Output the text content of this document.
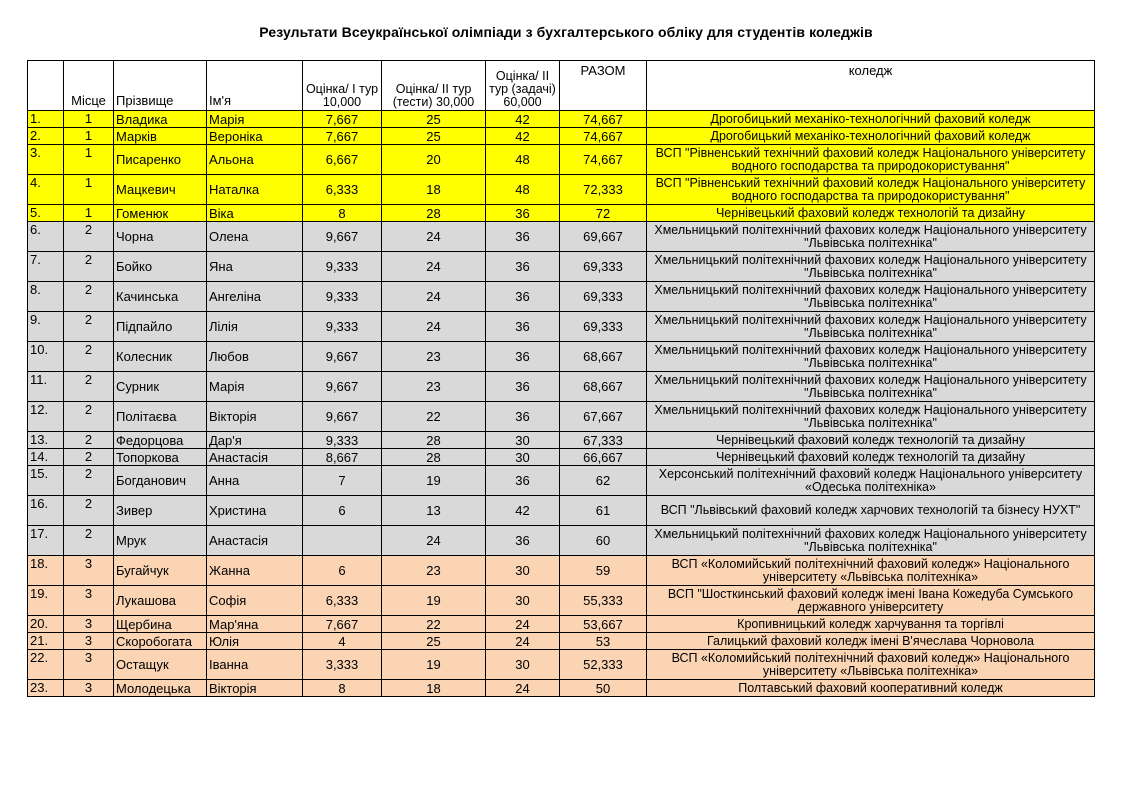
Результати Всеукраїнської олімпіади з бухгалтерського обліку для студентів коледжів
	Місце	Прізвище	Ім'я	Оцінка/ І тур 10,000	Оцінка/ ІІ тур (тести) 30,000	Оцінка/ ІІ тур (задачі) 60,000	РАЗОМ	коледж
1.	1	Владика	Марія	7,667	25	42	74,667	Дрогобицький механіко-технологічний фаховий коледж
2.	1	Марків	Вероніка	7,667	25	42	74,667	Дрогобицький механіко-технологічний фаховий коледж
3.	1	Писаренко	Альона	6,667	20	48	74,667	ВСП "Рівненський технічний фаховий коледж Національного університету водного господарства та природокористування"
4.	1	Мацкевич	Наталка	6,333	18	48	72,333	ВСП "Рівненський технічний фаховий коледж Національного університету водного господарства та природокористування"
5.	1	Гоменюк	Віка	8	28	36	72	Чернівецький фаховий коледж технологій та дизайну
6.	2	Чорна	Олена	9,667	24	36	69,667	Хмельницький політехнічний фахових коледж Національного університету "Львівська політехніка"
7.	2	Бойко	Яна	9,333	24	36	69,333	Хмельницький політехнічний фахових коледж Національного університету "Львівська політехніка"
8.	2	Качинська	Ангеліна	9,333	24	36	69,333	Хмельницький політехнічний фахових коледж Національного університету "Львівська політехніка"
9.	2	Підпайло	Лілія	9,333	24	36	69,333	Хмельницький політехнічний фахових коледж Національного університету "Львівська політехніка"
10.	2	Колесник	Любов	9,667	23	36	68,667	Хмельницький політехнічний фахових коледж Національного університету "Львівська політехніка"
11.	2	Сурник	Марія	9,667	23	36	68,667	Хмельницький політехнічний фахових коледж Національного університету "Львівська політехніка"
12.	2	Політаєва	Вікторія	9,667	22	36	67,667	Хмельницький політехнічний фахових коледж Національного університету "Львівська політехніка"
13.	2	Федорцова	Дар'я	9,333	28	30	67,333	Чернівецький фаховий коледж технологій та дизайну
14.	2	Топоркова	Анастасія	8,667	28	30	66,667	Чернівецький фаховий коледж технологій та дизайну
15.	2	Богданович	Анна	7	19	36	62	Херсонський політехнічний фаховий коледж Національного університету «Одеська політехніка»
16.	2	Зивер	Христина	6	13	42	61	ВСП "Львівський фаховий коледж харчових технологій та бізнесу НУХТ"
17.	2	Мрук	Анастасія		24	36	60	Хмельницький політехнічний фахових коледж Національного університету "Львівська політехніка"
18.	3	Бугайчук	Жанна	6	23	30	59	ВСП «Коломийський політехнічний фаховий коледж» Національного університету «Львівська політехніка»
19.	3	Лукашова	Софія	6,333	19	30	55,333	ВСП "Шосткинський фаховий коледж імені Івана Кожедуба Сумського державного університету
20.	3	Щербина	Мар'яна	7,667	22	24	53,667	Кропивницький коледж харчування та торгівлі
21.	3	Скоробогата	Юлія	4	25	24	53	Галицький фаховий коледж імені В'ячеслава Чорновола
22.	3	Остащук	Іванна	3,333	19	30	52,333	ВСП «Коломийський політехнічний фаховий коледж» Національного університету «Львівська політехніка»
23.	3	Молодецька	Вікторія	8	18	24	50	Полтавський фаховий кооперативний коледж
